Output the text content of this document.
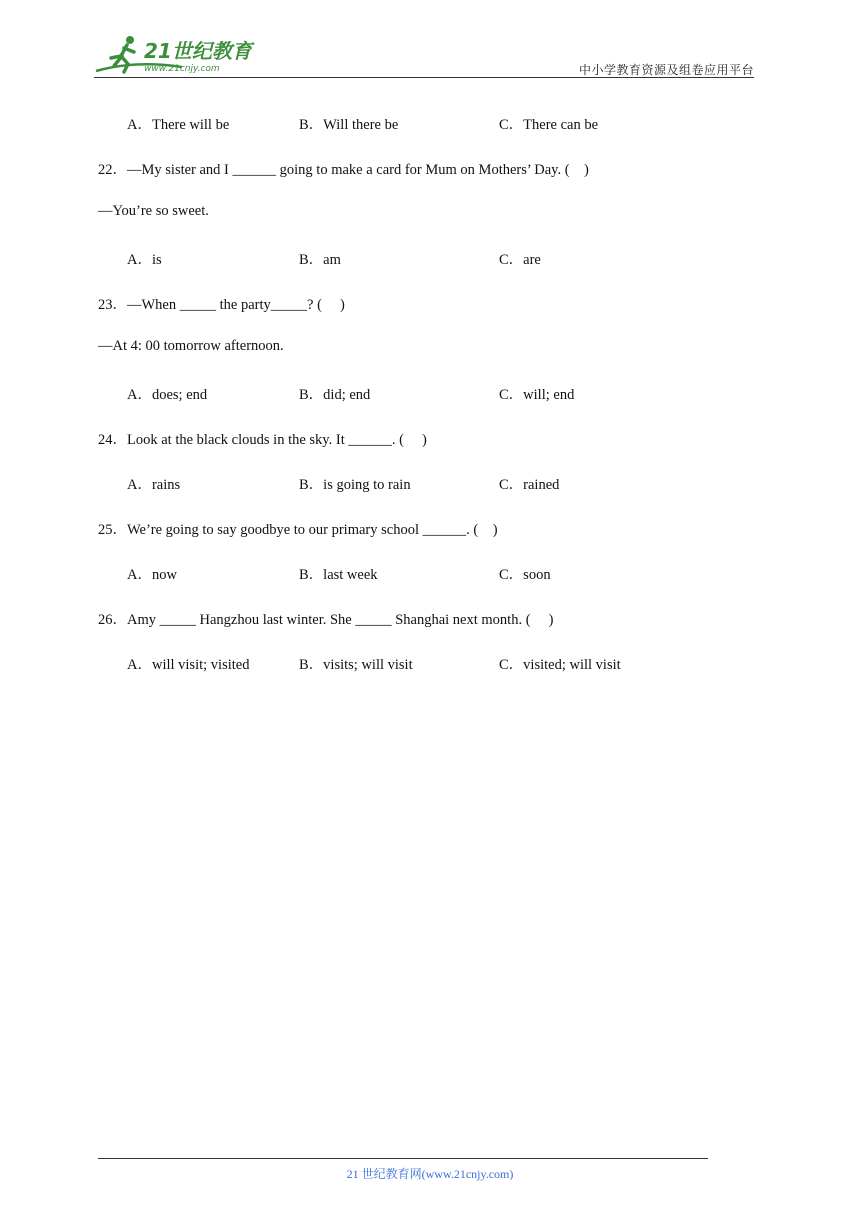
21世纪教育
www.21cnjy.com	中小学教育资源及组卷应用平台
A．There will be	B．Will there be	C．There can be
22．—My sister and I ______ going to make a card for Mum on Mothers’ Day. (    )
—You’re so sweet.
A．is	B．am	C．are
23．—When _____ the party_____? (     )
—At 4: 00 tomorrow afternoon.
A．does; end	B．did; end	C．will; end
24．Look at the black clouds in the sky. It ______. (     )
A．rains	B．is going to rain	C．rained
25．We’re going to say goodbye to our primary school ______. (    )
A．now	B．last week	C．soon
26．Amy _____ Hangzhou last winter. She _____ Shanghai next month. (     )
A．will visit; visited	B．visits; will visit	C．visited; will visit
21 世纪教育网(www.21cnjy.com)
